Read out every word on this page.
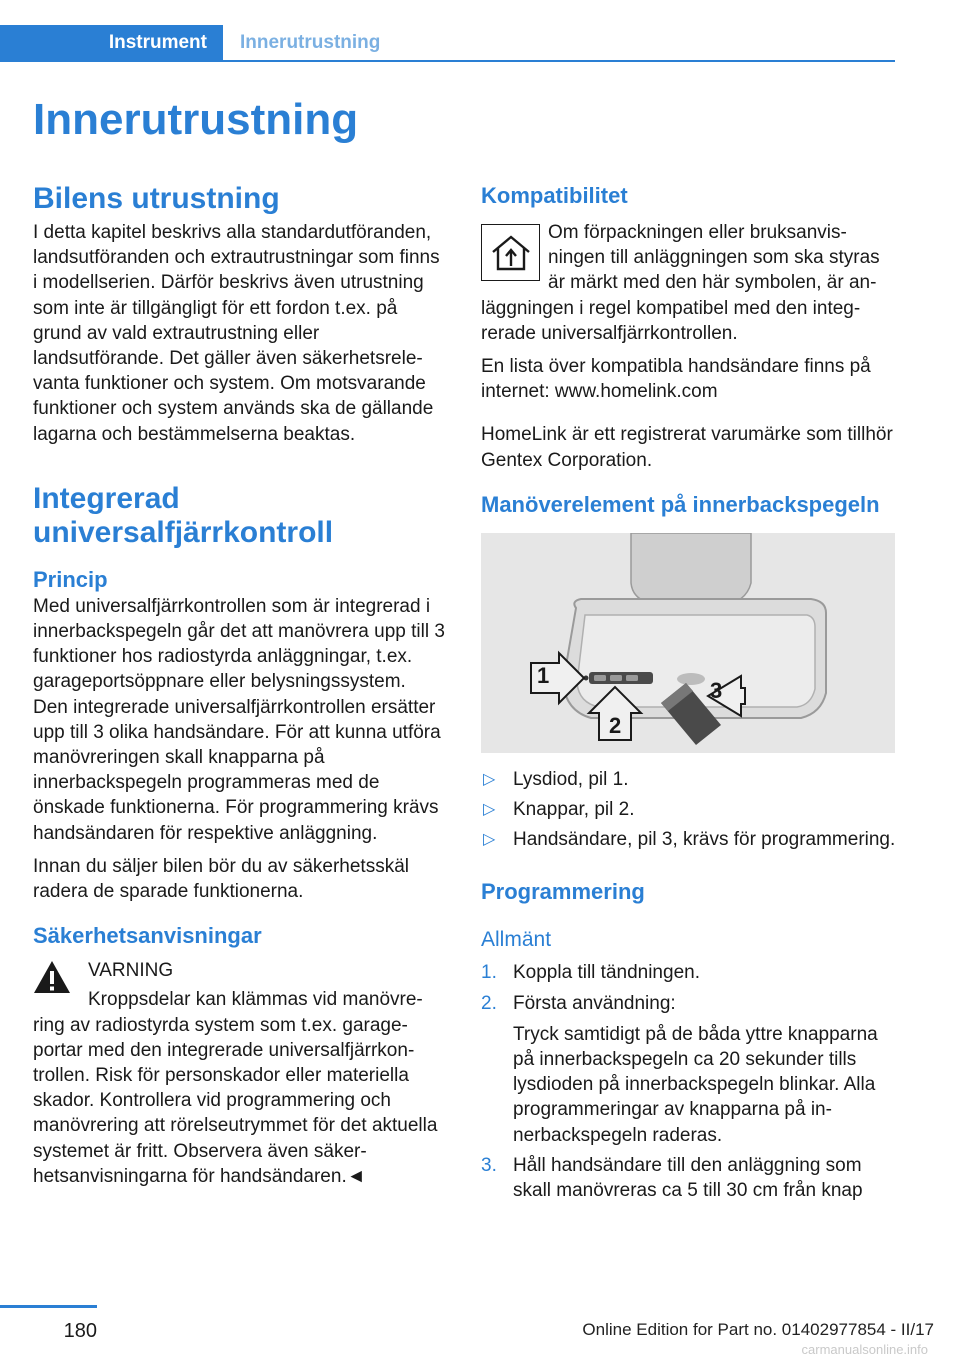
Instrument	Innerutrustning
Innerutrustning
Bilens utrustning

I detta kapitel beskrivs alla standardutföranden, landsutföranden och extrautrustningar som finns i modellserien. Därför beskrivs även utrustning som inte är tillgängligt för ett fordon t.ex. på grund av vald extrautrustning eller landsutförande. Det gäller även säkerhetsrelevanta funktioner och system. Om motsvarande funktioner och system används ska de gällande lagarna och bestämmelserna beaktas.

Integrerad universalfjärrkontroll
Princip

Med universalfjärrkontrollen som är integrerad i innerbackspegeln går det att manövrera upp till 3 funktioner hos radiostyrda anläggningar, t.ex. garageportsöppnare eller belysningssystem. Den integrerade universalfjärrkontrollen ersätter upp till 3 olika handsändare. För att kunna utföra manövreringen skall knapparna på innerbackspegeln programmeras med de önskade funktionerna. För programmering krävs handsändaren för respektive anläggning.

Innan du säljer bilen bör du av säkerhetsskäl radera de sparade funktionerna.

Säkerhetsanvisningar
VARNING

Kroppsdelar kan klämmas vid manövrering av radiostyrda system som t.ex. garageportar med den integrerade universalfjärrkontrollen. Risk för personskador eller materiella skador. Kontrollera vid programmering och manövrering att rörelseutrymmet för det aktuella systemet är fritt. Observera även säkerhetsanvisningarna för handsändaren.◄

Kompatibilitet

Om förpackningen eller bruksanvisningen till anläggningen som ska styras är märkt med den här symbolen, är anläggningen i regel kompatibel med den integrerade universalfjärrkontrollen.

En lista över kompatibla handsändare finns på internet: www.homelink.com

HomeLink är ett registrerat varumärke som tillhör Gentex Corporation.

Manöverelement på innerbackspegeln
1
2
3
▷ Lysdiod, pil 1.
▷ Knappar, pil 2.
▷ Handsändare, pil 3, krävs för programmering.
Programmering
Allmänt
1. Koppla till tändningen.
2. Första användning:
Tryck samtidigt på de båda yttre knapparna på innerbackspegeln ca 20 sekunder tills lysdioden på innerbackspegeln blinkar. Alla programmeringar av knapparna på innerbackspegeln raderas.
3. Håll handsändare till den anläggning som skall manövreras ca 5 till 30 cm från knap
180	Online Edition for Part no. 01402977854 - II/17
carmanualsonline.info
